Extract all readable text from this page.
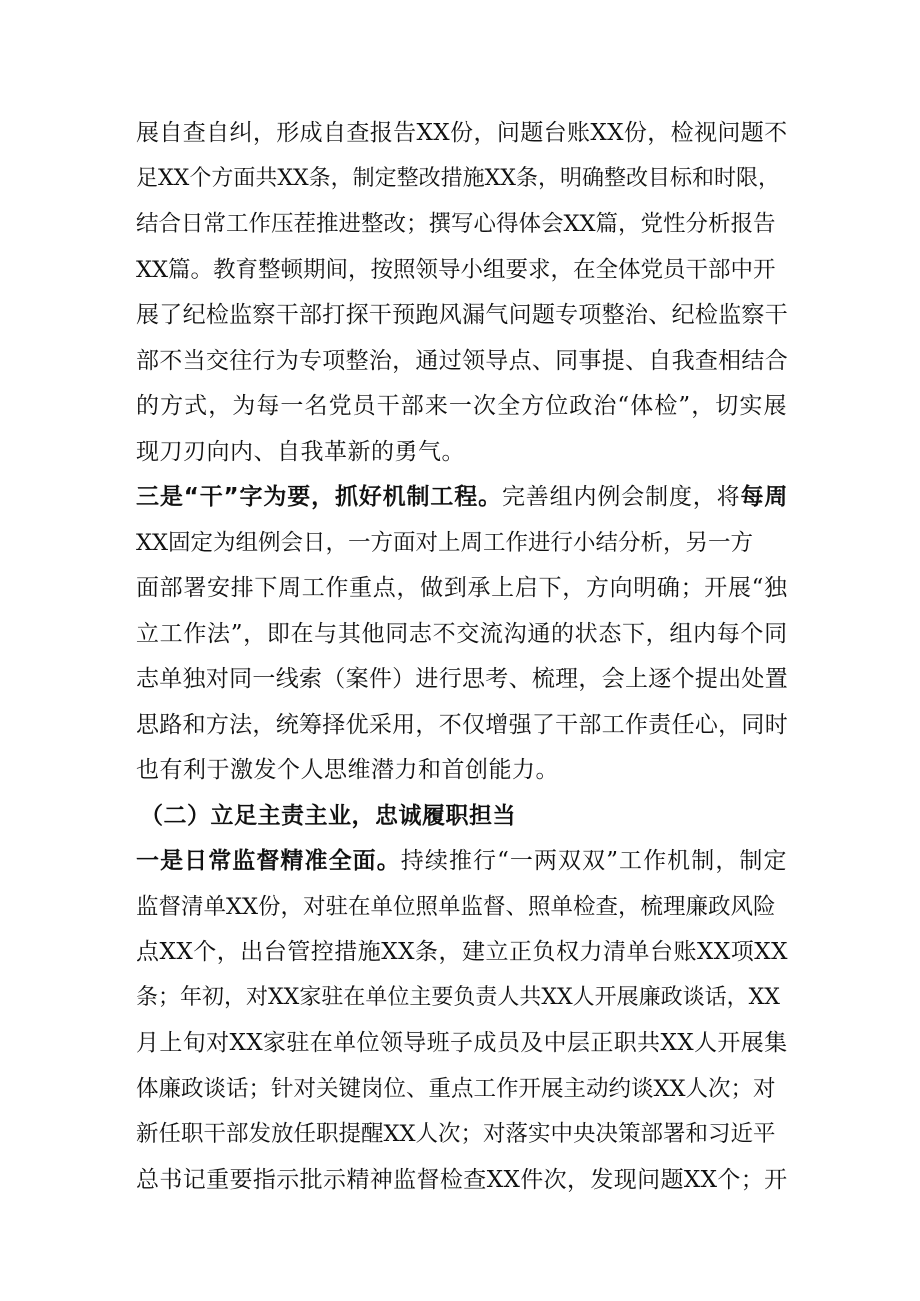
展自查自纠，形成自查报告XX份，问题台账XX份，检视问题不
足XX个方面共XX条，制定整改措施XX条，明确整改目标和时限，
结合日常工作压茬推进整改；撰写心得体会XX篇，党性分析报告
XX篇。教育整顿期间，按照领导小组要求，在全体党员干部中开
展了纪检监察干部打探干预跑风漏气问题专项整治、纪检监察干
部不当交往行为专项整治，通过领导点、同事提、自我查相结合
的方式，为每一名党员干部来一次全方位政治“体检”，切实展
现刀刃向内、自我革新的勇气。
三是“干”字为要，抓好机制工程。完善组内例会制度，将每周
XX固定为组例会日，一方面对上周工作进行小结分析，另一方
面部署安排下周工作重点，做到承上启下，方向明确；开展“独
立工作法”，即在与其他同志不交流沟通的状态下，组内每个同
志单独对同一线索（案件）进行思考、梳理，会上逐个提出处置
思路和方法，统筹择优采用，不仅增强了干部工作责任心，同时
也有利于激发个人思维潜力和首创能力。
（二）立足主责主业，忠诚履职担当
一是日常监督精准全面。持续推行“一两双双”工作机制，制定
监督清单XX份，对驻在单位照单监督、照单检查，梳理廉政风险
点XX个，出台管控措施XX条，建立正负权力清单台账XX项XX
条；年初，对XX家驻在单位主要负责人共XX人开展廉政谈话，XX
月上旬对XX家驻在单位领导班子成员及中层正职共XX人开展集
体廉政谈话；针对关键岗位、重点工作开展主动约谈XX人次；对
新任职干部发放任职提醒XX人次；对落实中央决策部署和习近平
总书记重要指示批示精神监督检查XX件次，发现问题XX个；开
